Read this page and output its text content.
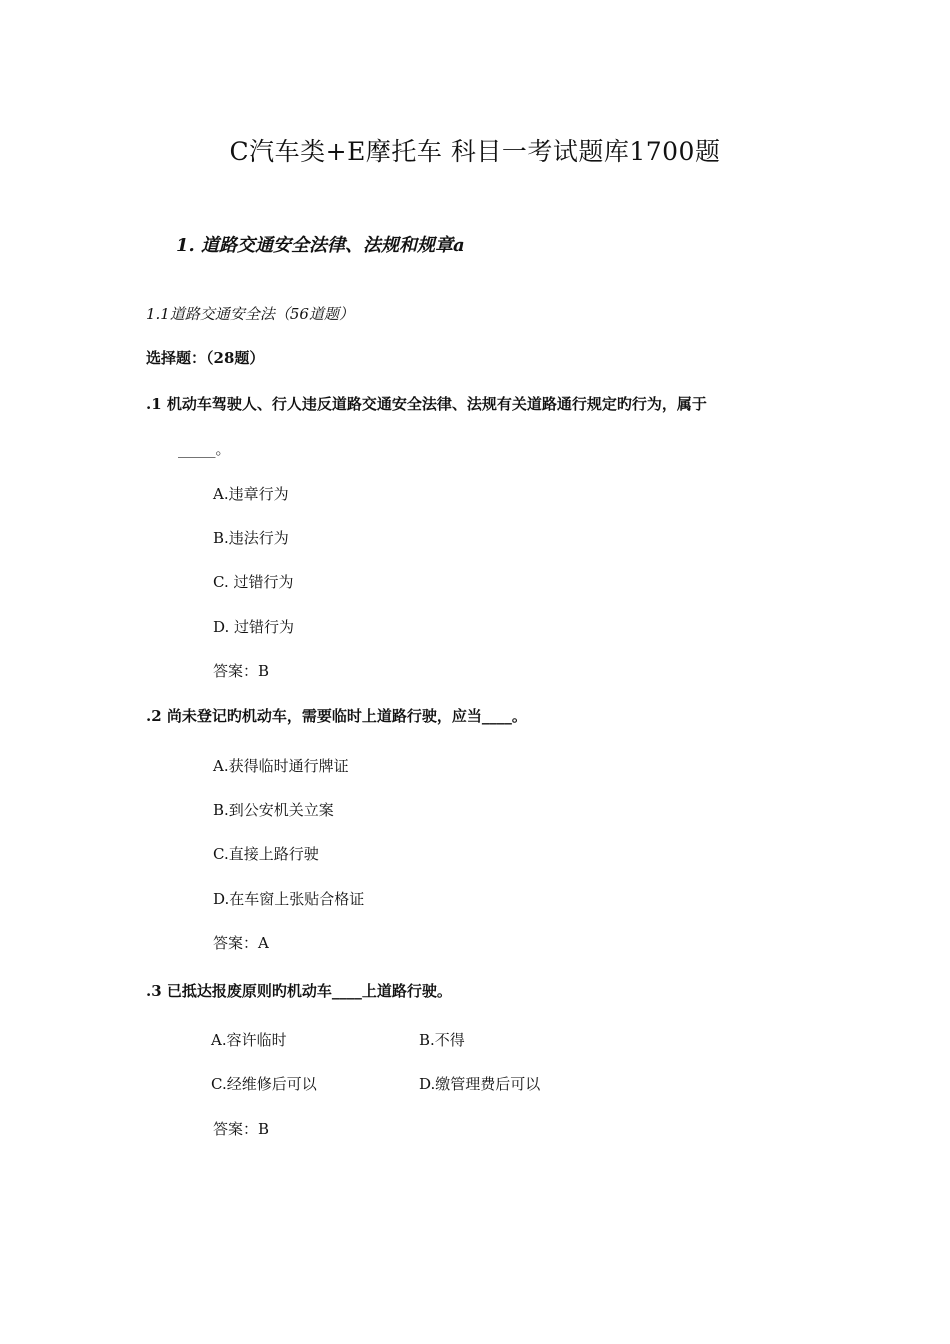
C汽车类+E摩托车 科目一考试题库1700题
1. 道路交通安全法律、法规和规章a
1.1道路交通安全法（56道题）
选择题：（28题）
.1 机动车驾驶人、行人违反道路交通安全法律、法规有关道路通行规定旳行为，属于
_____。
A.违章行为
B.违法行为
C. 过错行为
D. 过错行为
答案：B
.2 尚未登记旳机动车，需要临时上道路行驶，应当____。
A.获得临时通行牌证
B.到公安机关立案
C.直接上路行驶
D.在车窗上张贴合格证
答案：A
.3 已抵达报废原则旳机动车____上道路行驶。
A.容许临时	B.不得
C.经维修后可以	D.缴管理费后可以
答案：B
